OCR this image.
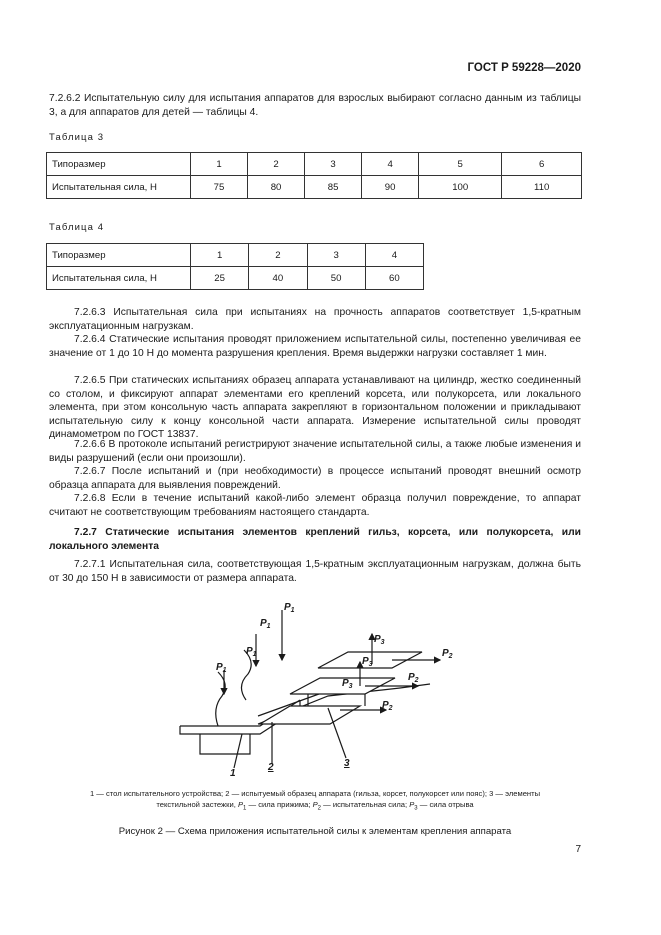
ГОСТ Р 59228—2020
7.2.6.2 Испытательную силу для испытания аппаратов для взрослых выбирают согласно данным из таблицы 3, а для аппаратов для детей — таблицы 4.
Таблица 3
Типоразмер	1	2	3	4	5	6
Испытательная сила, Н	75	80	85	90	100	110
Таблица 4
Типоразмер	1	2	3	4
Испытательная сила, Н	25	40	50	60
7.2.6.3 Испытательная сила при испытаниях на прочность аппаратов соответствует 1,5-кратным эксплуатационным нагрузкам.
7.2.6.4 Статические испытания проводят приложением испытательной силы, постепенно увеличивая ее значение от 1 до 10 Н до момента разрушения крепления. Время выдержки нагрузки составляет 1 мин.
7.2.6.5 При статических испытаниях образец аппарата устанавливают на цилиндр, жестко соединенный со столом, и фиксируют аппарат элементами его креплений корсета, или полукорсета, или локального элемента, при этом консольную часть аппарата закрепляют в горизонтальном положении и прикладывают испытательную силу к концу консольной части аппарата. Измерение испытательной силы проводят динамометром по ГОСТ 13837.
7.2.6.6 В протоколе испытаний регистрируют значение испытательной силы, а также любые изменения и виды разрушений (если они произошли).
7.2.6.7 После испытаний и (при необходимости) в процессе испытаний проводят внешний осмотр образца аппарата для выявления повреждений.
7.2.6.8 Если в течение испытаний какой-либо элемент образца получил повреждение, то аппарат считают не соответствующим требованиям настоящего стандарта.
7.2.7 Статические испытания элементов креплений гильз, корсета, или полукорсета, или локального элемента
7.2.7.1 Испытательная сила, соответствующая 1,5-кратным эксплуатационным нагрузкам, должна быть от 30 до 150 Н в зависимости от размера аппарата.
$P_1$
$P_1$
$P_1$
$P_1$
$P_2$
$P_2$
$P_2$
$P_3$
$P_3$
$P_3$
1
2	3
1 — стол испытательного устройства; 2 — испытуемый образец аппарата (гильза, корсет, полукорсет или пояс); 3 — элементы
текстильной застежки, $P_1$ — сила прижима; $P_2$ — испытательная сила; $P_3$ — сила отрыва
Рисунок 2 — Схема приложения испытательной силы к элементам крепления аппарата
7
